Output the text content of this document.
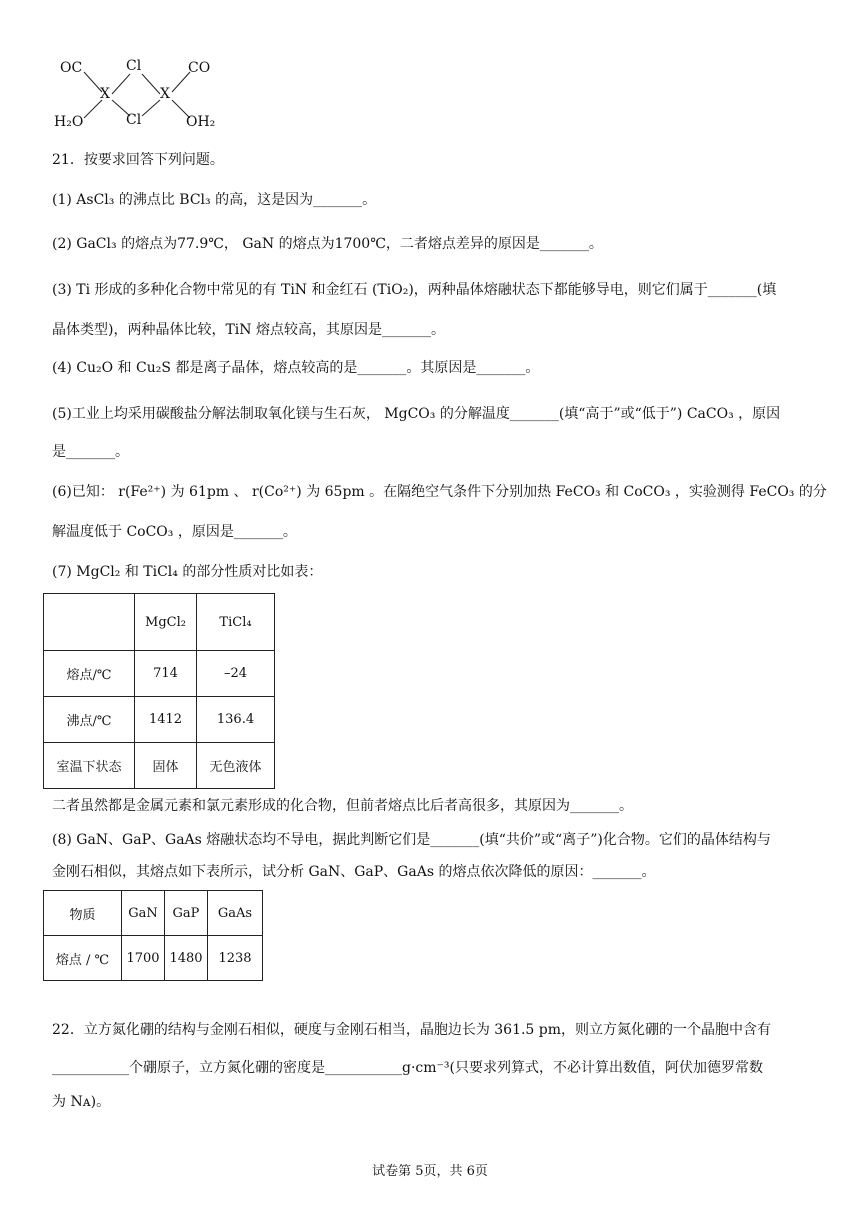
OC	Cl	CO
X	X
H₂O	Cl	OH₂
21．按要求回答下列问题。
(1) AsCl₃ 的沸点比 BCl₃ 的高，这是因为_______。
(2) GaCl₃ 的熔点为77.9℃， GaN 的熔点为1700℃，二者熔点差异的原因是_______。
(3) Ti 形成的多种化合物中常见的有 TiN 和金红石 (TiO₂)，两种晶体熔融状态下都能够导电，则它们属于_______(填
晶体类型)，两种晶体比较，TiN 熔点较高，其原因是_______。
(4) Cu₂O 和 Cu₂S 都是离子晶体，熔点较高的是_______。其原因是_______。
(5)工业上均采用碳酸盐分解法制取氧化镁与生石灰， MgCO₃ 的分解温度_______(填“高于”或“低于”) CaCO₃ ，原因
是_______。
(6)已知： r(Fe²⁺) 为 61pm 、 r(Co²⁺) 为 65pm 。在隔绝空气条件下分别加热 FeCO₃ 和 CoCO₃ ，实验测得 FeCO₃ 的分
解温度低于 CoCO₃ ，原因是_______。
(7) MgCl₂ 和 TiCl₄ 的部分性质对比如表：
	MgCl₂	TiCl₄
熔点/℃	714	–24
沸点/℃	1412	136.4
室温下状态	固体	无色液体
二者虽然都是金属元素和氯元素形成的化合物，但前者熔点比后者高很多，其原因为_______。
(8) GaN、GaP、GaAs 熔融状态均不导电，据此判断它们是_______(填“共价”或“离子”)化合物。它们的晶体结构与
金刚石相似，其熔点如下表所示，试分析 GaN、GaP、GaAs 的熔点依次降低的原因：_______。
物质	GaN	GaP	GaAs
熔点 / ℃	1700	1480	1238
22．立方氮化硼的结构与金刚石相似，硬度与金刚石相当，晶胞边长为 361.5 pm，则立方氮化硼的一个晶胞中含有
___________个硼原子，立方氮化硼的密度是___________g·cm⁻³(只要求列算式，不必计算出数值，阿伏加德罗常数
为 Nᴀ)。
试卷第 5页，共 6页
